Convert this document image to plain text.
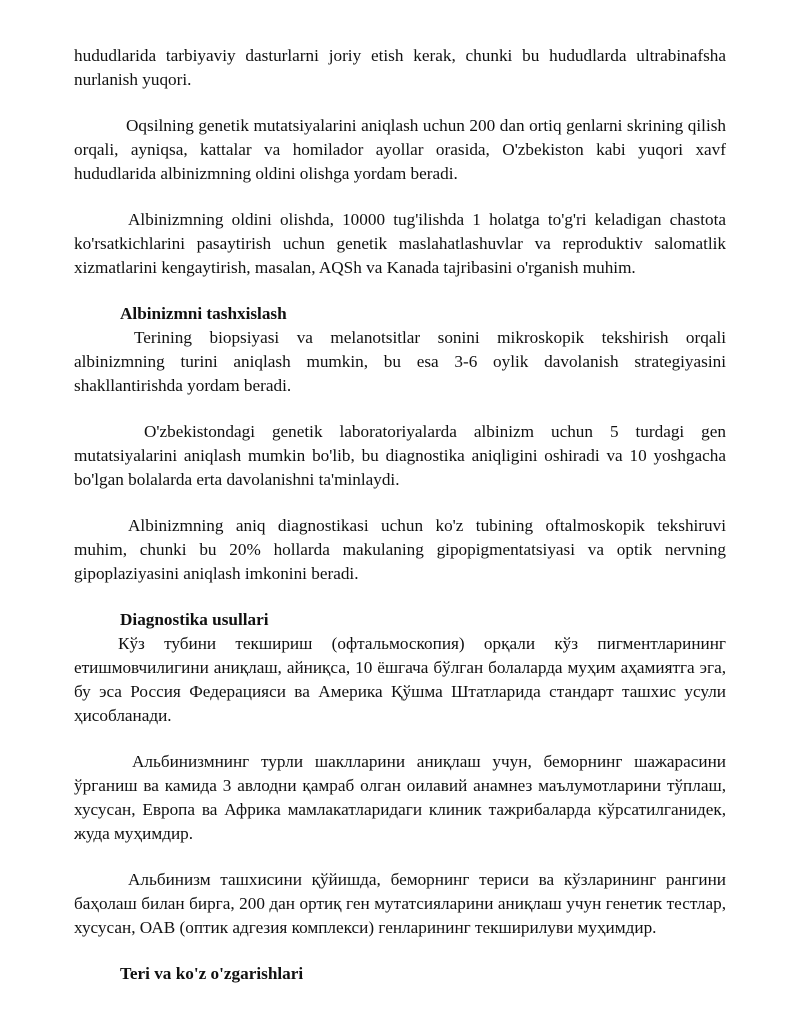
hududlarida tarbiyaviy dasturlarni joriy etish kerak, chunki bu hududlarda ultrabinafsha nurlanish yuqori.

Oqsilning genetik mutatsiyalarini aniqlash uchun 200 dan ortiq genlarni skrining qilish orqali, ayniqsa, kattalar va homilador ayollar orasida, O'zbekiston kabi yuqori xavf hududlarida albinizmning oldini olishga yordam beradi.

Albinizmning oldini olishda, 10000 tug'ilishda 1 holatga to'g'ri keladigan chastota ko'rsatkichlarini pasaytirish uchun genetik maslahatlashuvlar va reproduktiv salomatlik xizmatlarini kengaytirish, masalan, AQSh va Kanada tajribasini o'rganish muhim.

Albinizmni tashxislash

Terining biopsiyasi va melanotsitlar sonini mikroskopik tekshirish orqali albinizmning turini aniqlash mumkin, bu esa 3-6 oylik davolanish strategiyasini shakllantirishda yordam beradi.

O'zbekistondagi genetik laboratoriyalarda albinizm uchun 5 turdagi gen mutatsiyalarini aniqlash mumkin bo'lib, bu diagnostika aniqligini oshiradi va 10 yoshgacha bo'lgan bolalarda erta davolanishni ta'minlaydi.

Albinizmning aniq diagnostikasi uchun ko'z tubining oftalmoskopik tekshiruvi muhim, chunki bu 20% hollarda makulaning gipopigmentatsiyasi va optik nervning gipoplaziyasini aniqlash imkonini beradi.

Diagnostika usullari

Кўз тубини текшириш (офтальмоскопия) орқали кўз пигментларининг етишмовчилигини аниқлаш, айниқса, 10 ёшгача бўлган болаларда муҳим аҳамиятга эга, бу эса Россия Федерацияси ва Америка Қўшма Штатларида стандарт ташхис усули ҳисобланади.

Альбинизмнинг турли шаклларини аниқлаш учун, беморнинг шажарасини ўрганиш ва камида 3 авлодни қамраб олган оилавий анамнез маълумотларини тўплаш, хусусан, Европа ва Африка мамлакатларидаги клиник тажрибаларда кўрсатилганидек, жуда муҳимдир.

Альбинизм ташхисини қўйишда, беморнинг териси ва кўзларининг рангини баҳолаш билан бирга, 200 дан ортиқ ген мутатсияларини аниқлаш учун генетик тестлар, хусусан, ОАВ (оптик адгезия комплекси) генларининг текширилуви муҳимдир.

Teri va ko'z o'zgarishlari
